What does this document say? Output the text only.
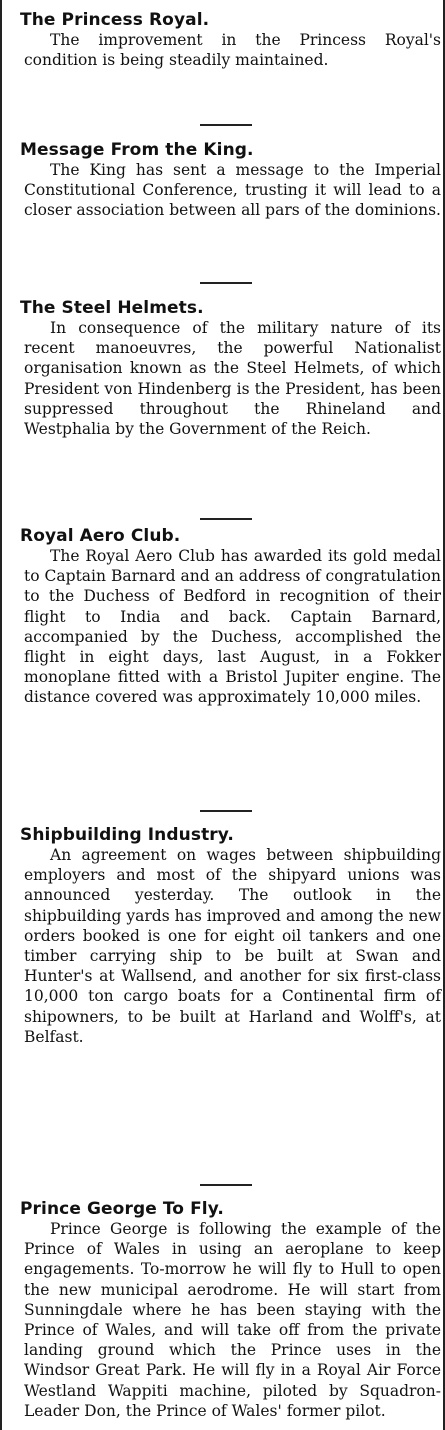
The Princess Royal.

The improvement in the Princess Royal's condition is being steadily maintained.

Message From the King.

The King has sent a message to the Imperial Constitutional Conference, trusting it will lead to a closer association between all pars of the dominions.

The Steel Helmets.

In consequence of the military nature of its recent manoeuvres, the powerful Nationalist organisation known as the Steel Helmets, of which President von Hindenberg is the President, has been suppressed throughout the Rhineland and Westphalia by the Government of the Reich.

Royal Aero Club.

The Royal Aero Club has awarded its gold medal to Captain Barnard and an address of congratulation to the Duchess of Bedford in recognition of their flight to India and back. Captain Barnard, accompanied by the Duchess, accomplished the flight in eight days, last August, in a Fokker monoplane fitted with a Bristol Jupiter engine. The distance covered was approximately 10,000 miles.

Shipbuilding Industry.

An agreement on wages between shipbuilding employers and most of the shipyard unions was announced yesterday. The outlook in the shipbuilding yards has improved and among the new orders booked is one for eight oil tankers and one timber carrying ship to be built at Swan and Hunter's at Wallsend, and another for six first-class 10,000 ton cargo boats for a Continental firm of shipowners, to be built at Harland and Wolff's, at Belfast.

Prince George To Fly.

Prince George is following the example of the Prince of Wales in using an aeroplane to keep engagements. To-morrow he will fly to Hull to open the new municipal aerodrome. He will start from Sunningdale where he has been staying with the Prince of Wales, and will take off from the private landing ground which the Prince uses in the Windsor Great Park. He will fly in a Royal Air Force Westland Wappiti machine, piloted by Squadron-Leader Don, the Prince of Wales' former pilot.
